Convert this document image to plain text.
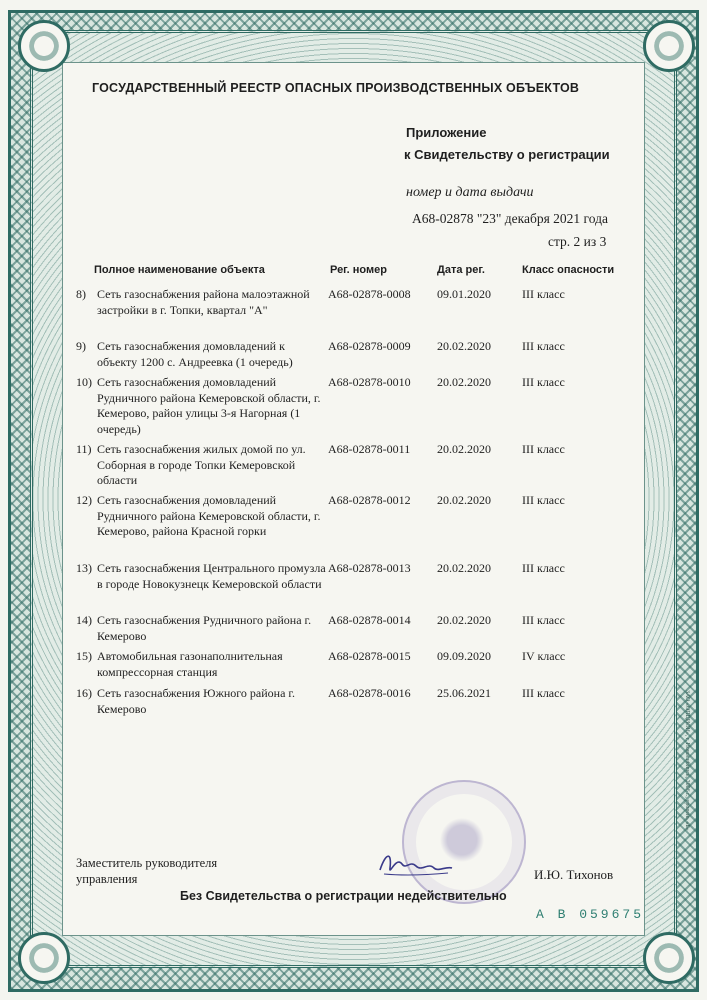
ГОСУДАРСТВЕННЫЙ РЕЕСТР ОПАСНЫХ ПРОИЗВОДСТВЕННЫХ ОБЪЕКТОВ
Приложение
к Свидетельству о регистрации
номер и дата выдачи
А68-02878 "23" декабря 2021 года
стр. 2 из 3
Полное наименование объекта	Рег. номер	Дата рег.	Класс опасности
8) Сеть газоснабжения района малоэтажной застройки в г. Топки, квартал "А"
А68-02878-0008 09.01.2020	III класс
9) Сеть газоснабжения домовладений к объекту 1200 с. Андреевка (1 очередь)
А68-02878-0009 20.02.2020	III класс
10) Сеть газоснабжения домовладений Рудничного района Кемеровской области, г. Кемерово, район улицы 3-я Нагорная (1 очередь)
А68-02878-0010 20.02.2020	III класс
11) Сеть газоснабжения жилых домой по ул. Соборная в городе Топки Кемеровской области
А68-02878-0011 20.02.2020	III класс
12) Сеть газоснабжения домовладений Рудничного района Кемеровской области, г. Кемерово, района Красной горки
А68-02878-0012 20.02.2020	III класс
13) Сеть газоснабжения Центрального промузла в городе Новокузнецк Кемеровской области
А68-02878-0013 20.02.2020	III класс
14) Сеть газоснабжения Рудничного района г. Кемерово
А68-02878-0014 20.02.2020	III класс
15) Автомобильная газонаполнительная компрессорная станция
А68-02878-0015 09.09.2020	IV класс
16) Сеть газоснабжения Южного района г. Кемерово
А68-02878-0016 25.06.2021	III класс
Заместитель руководителя
управления	И.Ю. Тихонов
Без Свидетельства о регистрации недействительно
А В 059675
ЗАО «ОПЦИОН», г. Новосибирск, 2006 г., уровень «Б»
